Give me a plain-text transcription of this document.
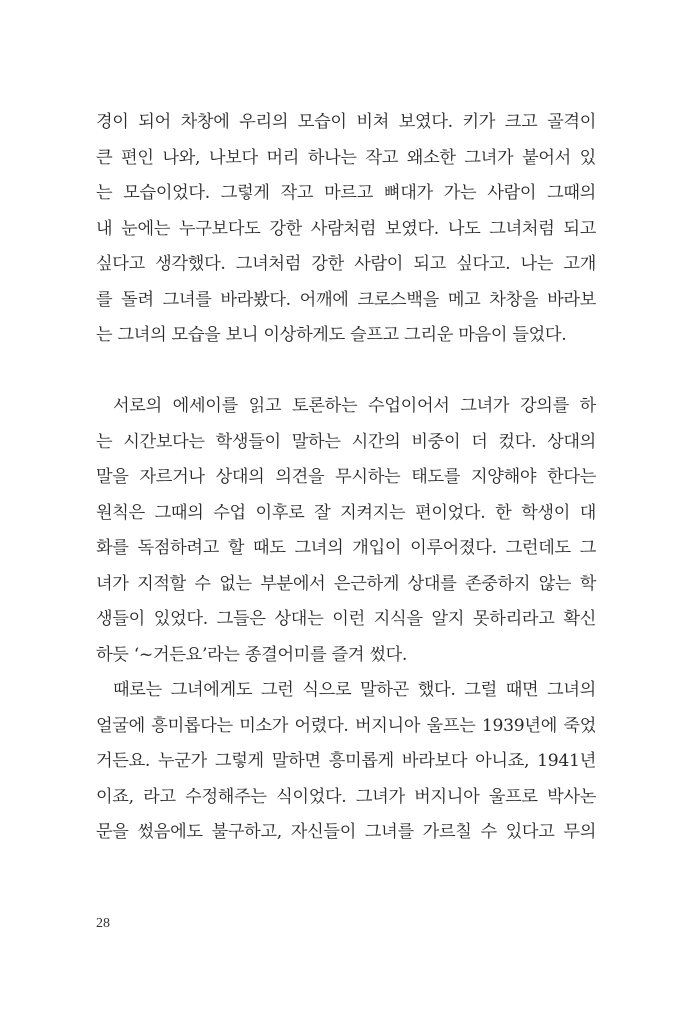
경이 되어 차창에 우리의 모습이 비쳐 보였다. 키가 크고 골격이
큰 편인 나와, 나보다 머리 하나는 작고 왜소한 그녀가 붙어서 있
는 모습이었다. 그렇게 작고 마르고 뼈대가 가는 사람이 그때의
내 눈에는 누구보다도 강한 사람처럼 보였다. 나도 그녀처럼 되고
싶다고 생각했다. 그녀처럼 강한 사람이 되고 싶다고. 나는 고개
를 돌려 그녀를 바라봤다. 어깨에 크로스백을 메고 차창을 바라보
는 그녀의 모습을 보니 이상하게도 슬프고 그리운 마음이 들었다.
서로의 에세이를 읽고 토론하는 수업이어서 그녀가 강의를 하
는 시간보다는 학생들이 말하는 시간의 비중이 더 컸다. 상대의
말을 자르거나 상대의 의견을 무시하는 태도를 지양해야 한다는
원칙은 그때의 수업 이후로 잘 지켜지는 편이었다. 한 학생이 대
화를 독점하려고 할 때도 그녀의 개입이 이루어졌다. 그런데도 그
녀가 지적할 수 없는 부분에서 은근하게 상대를 존중하지 않는 학
생들이 있었다. 그들은 상대는 이런 지식을 알지 못하리라고 확신
하듯 ‘~거든요’라는 종결어미를 즐겨 썼다.
때로는 그녀에게도 그런 식으로 말하곤 했다. 그럴 때면 그녀의
얼굴에 흥미롭다는 미소가 어렸다. 버지니아 울프는 1939년에 죽었
거든요. 누군가 그렇게 말하면 흥미롭게 바라보다 아니죠, 1941년
이죠, 라고 수정해주는 식이었다. 그녀가 버지니아 울프로 박사논
문을 썼음에도 불구하고, 자신들이 그녀를 가르칠 수 있다고 무의
28
